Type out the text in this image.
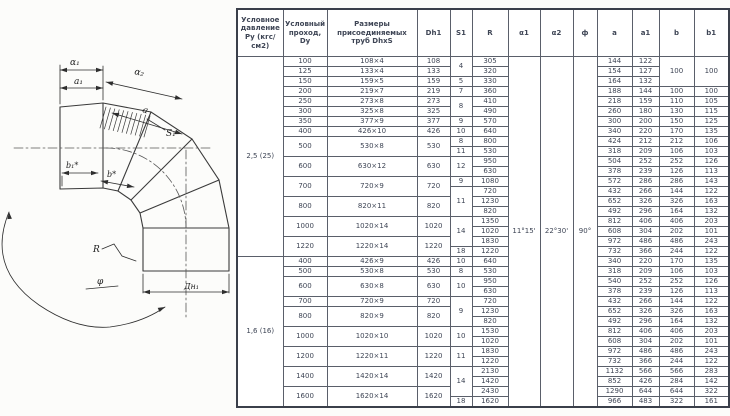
α₁
a₁
α₂
a
S₁
b₁*
b*
R
φ	Дн₁
Условное давление Ру (кгс/см2)	Условный проход, Dy	Размеры присоединяемых труб DhxS	Dh1	S1	R	α1	α2	ф	a	a1	b	b1
2,5 (25)	100	108×4	108	4	305	11°15'	22°30'	90°	144	122	100	100
	125	133×4	133		320				154	127		
	150	159×5	159	5	330				164	132		
	200	219×7	219	7	360				188	144	100	100
	250	273×8	273	8	410				218	159	110	105
	300	325×8	325		490				260	180	130	115
	350	377×9	377	9	570				300	200	150	125
	400	426×10	426	10	640				340	220	170	135
	500	530×8	530	8	800				424	212	212	106
				11	530				318	209	106	103
	600	630×12	630	12	950				504	252	252	126
					630				378	239	126	113
	700	720×9	720	9	1080				572	286	286	143
				11	720				432	266	144	122
	800	820×11	820		1230				652	326	326	163
					820				492	296	164	132
	1000	1020×14	1020	14	1350				812	406	406	203
					1020				608	304	202	101
	1220	1220×14	1220		1830				972	486	486	243
				18	1220				732	366	244	122
1,6 (16)	400	426×9	426	10	640				340	220	170	135
	500	530×8	530	8	530				318	209	106	103
	600	630×8	630	10	950				540	252	252	126
					630				378	239	126	113
	700	720×9	720	9	720				432	266	144	122
	800	820×9	820		1230				652	326	326	163
					820				492	296	164	132
	1000	1020×10	1020	10	1530				812	406	406	203
					1020				608	304	202	101
	1200	1220×11	1220	11	1830				972	486	486	243
					1220				732	366	244	122
	1400	1420×14	1420	14	2130				1132	566	566	283
					1420				852	426	284	142
	1600	1620×14	1620		2430				1290	644	644	322
				18	1620				966	483	322	161
